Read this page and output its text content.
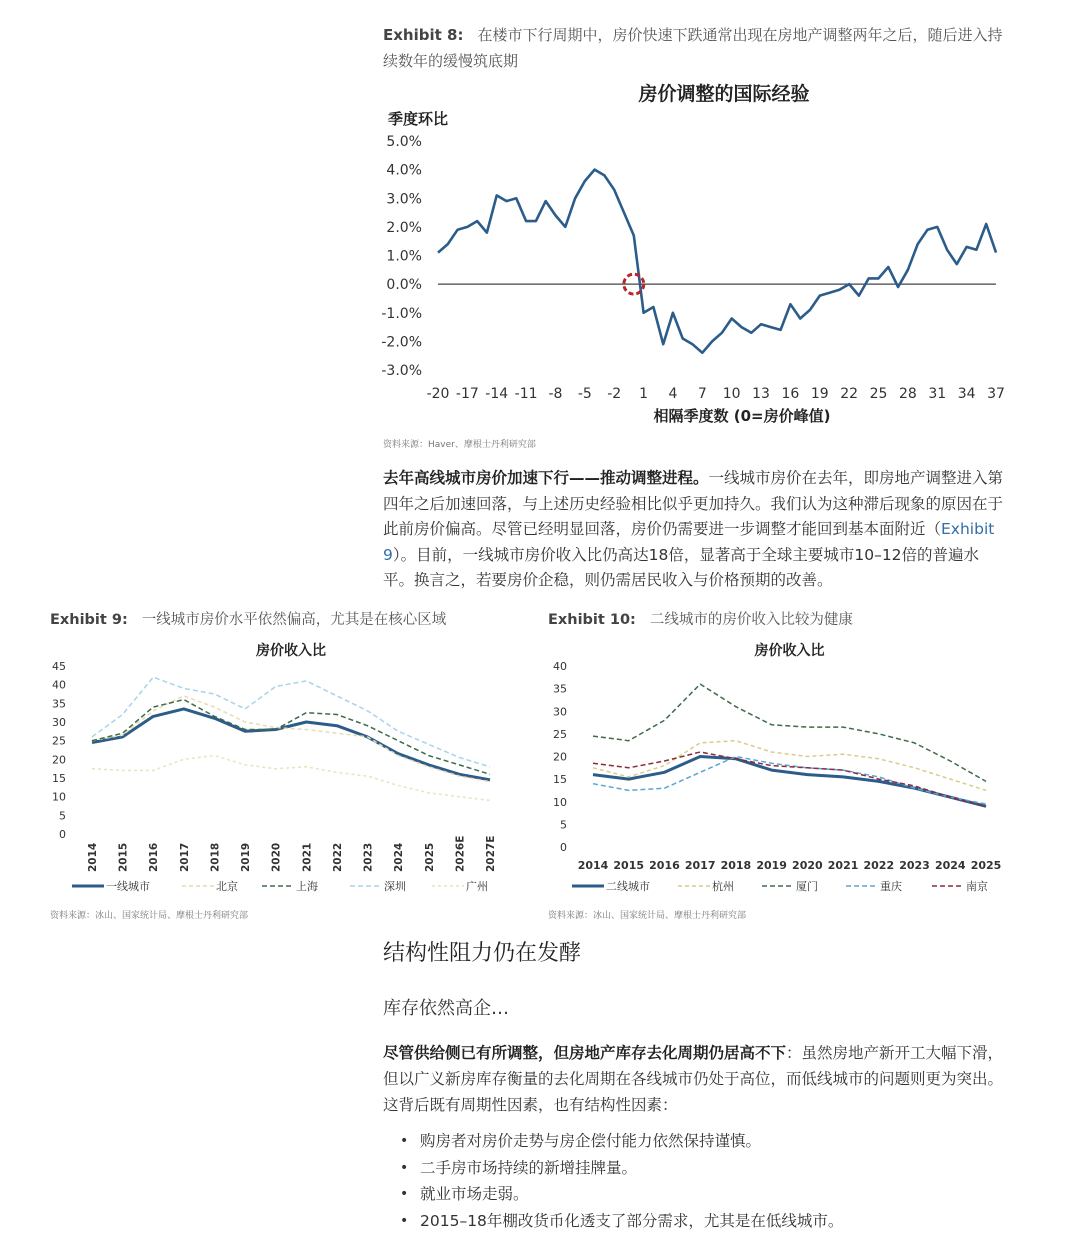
Exhibit 8: 在楼市下行周期中，房价快速下跌通常出现在房地产调整两年之后，随后进入持续数年的缓慢筑底期
房价调整的国际经验
季度环比
相隔季度数 (0=房价峰值)
5.0%
4.0%
3.0%
2.0%
1.0%
0.0%
-1.0%
-2.0%
-3.0%
-20 -17 -14 -11 -8 -5 -2 1 4 7 10 13 16 19 22 25 28 31 34 37
资料来源：Haver、摩根士丹利研究部
去年高线城市房价加速下行——推动调整进程。一线城市房价在去年，即房地产调整进入第四年之后加速回落，与上述历史经验相比似乎更加持久。我们认为这种滞后现象的原因在于此前房价偏高。尽管已经明显回落，房价仍需要进一步调整才能回到基本面附近（Exhibit 9）。目前，一线城市房价收入比仍高达18倍，显著高于全球主要城市10–12倍的普遍水平。换言之，若要房价企稳，则仍需居民收入与价格预期的改善。
Exhibit 9: 一线城市房价水平依然偏高，尤其是在核心区域
房价收入比
45
40
35
30
25
20
15
10
5
0
2014 2015 2016 2017 2018 2019 2020 2021 2022 2023 2024 2025 2026E 2027E
一线城市	北京	上海	深圳	广州
资料来源：冰山、国家统计局、摩根士丹利研究部
Exhibit 10: 二线城市的房价收入比较为健康
房价收入比
40
35
30
25
20
15
10
5
0
2014 2015 2016 2017 2018 2019 2020 2021 2022 2023 2024 2025
二线城市	杭州	厦门	重庆	南京
资料来源：冰山、国家统计局、摩根士丹利研究部
结构性阻力仍在发酵
库存依然高企…
尽管供给侧已有所调整，但房地产库存去化周期仍居高不下：虽然房地产新开工大幅下滑，但以广义新房库存衡量的去化周期在各线城市仍处于高位，而低线城市的问题则更为突出。这背后既有周期性因素，也有结构性因素：
• 购房者对房价走势与房企偿付能力依然保持谨慎。
• 二手房市场持续的新增挂牌量。
• 就业市场走弱。
• 2015–18年棚改货币化透支了部分需求，尤其是在低线城市。
